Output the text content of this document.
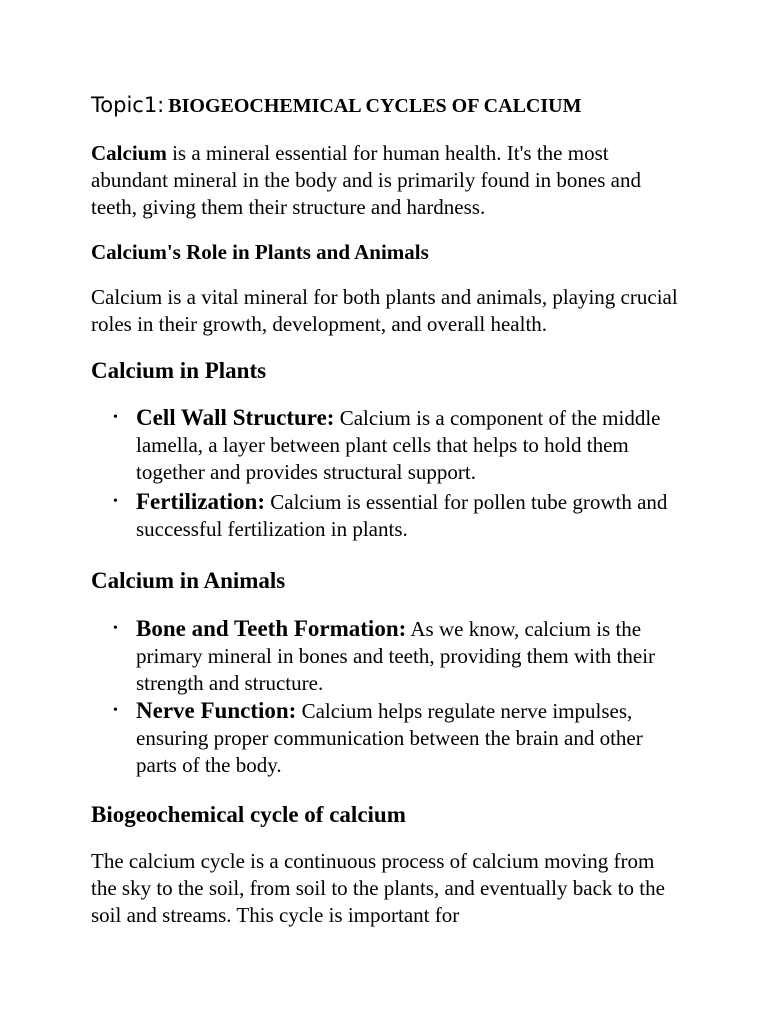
Topic1: BIOGEOCHEMICAL CYCLES OF CALCIUM

Calcium is a mineral essential for human health. It's the most abundant mineral in the body and is primarily found in bones and teeth, giving them their structure and hardness.

Calcium's Role in Plants and Animals

Calcium is a vital mineral for both plants and animals, playing crucial roles in their growth, development, and overall health.

Calcium in Plants
• Cell Wall Structure: Calcium is a component of the middle lamella, a layer between plant cells that helps to hold them together and provides structural support.
• Fertilization: Calcium is essential for pollen tube growth and successful fertilization in plants.
Calcium in Animals
• Bone and Teeth Formation: As we know, calcium is the primary mineral in bones and teeth, providing them with their strength and structure.
• Nerve Function: Calcium helps regulate nerve impulses, ensuring proper communication between the brain and other parts of the body.
Biogeochemical cycle of calcium

The calcium cycle is a continuous process of calcium moving from the sky to the soil, from soil to the plants, and eventually back to the soil and streams. This cycle is important for
